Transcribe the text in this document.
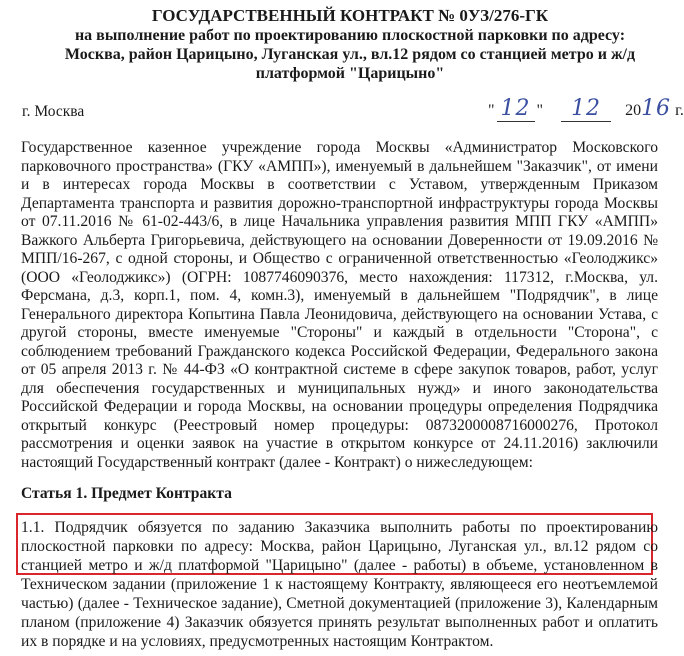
ГОСУДАРСТВЕННЫЙ КОНТРАКТ № 0УЗ/276-ГК
на выполнение работ по проектированию плоскостной парковки по адресу:
Москва, район Царицыно, Луганская ул., вл.12 рядом со станцией метро и ж/д
платформой "Царицыно"
г. Москва	" 12 " 12 2016 г.
Государственное казенное учреждение города Москвы «Администратор Московского парковочного пространства» (ГКУ «АМПП»), именуемый в дальнейшем "Заказчик", от имени и в интересах города Москвы в соответствии с Уставом, утвержденным Приказом Департамента транспорта и развития дорожно-транспортной инфраструктуры города Москвы от 07.11.2016 № 61-02-443/6, в лице Начальника управления развития МПП ГКУ «АМПП» Важкого Альберта Григорьевича, действующего на основании Доверенности от 19.09.2016 № МПП/16-267, с одной стороны, и Общество с ограниченной ответственностью «Геолоджикс» (ООО «Геолоджикс») (ОГРН: 1087746090376, место нахождения: 117312, г.Москва, ул. Ферсмана, д.3, корп.1, пом. 4, комн.3), именуемый в дальнейшем "Подрядчик", в лице Генерального директора Копытина Павла Леонидовича, действующего на основании Устава, с другой стороны, вместе именуемые "Стороны" и каждый в отдельности "Сторона", с соблюдением требований Гражданского кодекса Российской Федерации, Федерального закона от 05 апреля 2013 г. № 44-ФЗ «О контрактной системе в сфере закупок товаров, работ, услуг для обеспечения государственных и муниципальных нужд» и иного законодательства Российской Федерации и города Москвы, на основании процедуры определения Подрядчика открытый конкурс (Реестровый номер процедуры: 0873200008716000276, Протокол рассмотрения и оценки заявок на участие в открытом конкурсе от 24.11.2016) заключили настоящий Государственный контракт (далее - Контракт) о нижеследующем:
Статья 1. Предмет Контракта
1.1. Подрядчик обязуется по заданию Заказчика выполнить работы по проектированию плоскостной парковки по адресу: Москва, район Царицыно, Луганская ул., вл.12 рядом со станцией метро и ж/д платформой "Царицыно" (далее - работы) в объеме, установленном в Техническом задании (приложение 1 к настоящему Контракту, являющееся его неотъемлемой частью) (далее - Техническое задание), Сметной документацией (приложение 3), Календарным планом (приложение 4) Заказчик обязуется принять результат выполненных работ и оплатить их в порядке и на условиях, предусмотренных настоящим Контрактом.
